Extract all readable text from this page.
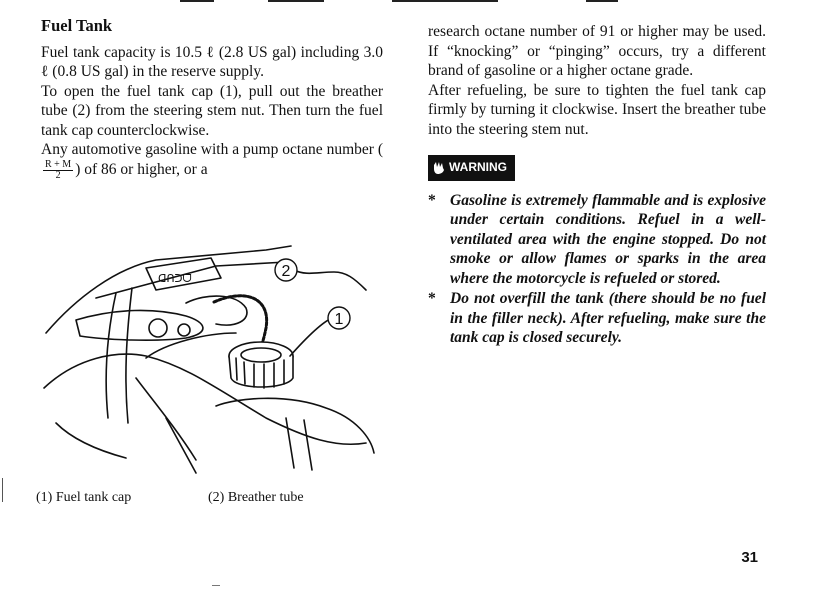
Fuel Tank

Fuel tank capacity is 10.5 ℓ (2.8 US gal) including 3.0 ℓ (0.8 US gal) in the reserve supply.

To open the fuel tank cap (1), pull out the breather tube (2) from the steering stem nut. Then turn the fuel tank cap counterclockwise.

Any automotive gasoline with a pump octane number (
$\frac{R + M}{2}$ ) of 86 or higher, or a

ᗡᑎᑐᗜ	2
1
(1) Fuel tank cap	(2) Breather tube

research octane number of 91 or higher may be used. If “knocking” or “pinging” occurs, try a different brand of gasoline or a higher octane grade.

After refueling, be sure to tighten the fuel tank cap firmly by turning it clockwise. Insert the breather tube into the steering stem nut.

WARNING
* Gasoline is extremely flammable and is explosive under certain conditions. Refuel in a well-ventilated area with the engine stopped. Do not smoke or allow flames or sparks in the area where the motorcycle is refueled or stored.
* Do not overfill the tank (there should be no fuel in the filler neck). After refueling, make sure the tank cap is closed securely.
31
